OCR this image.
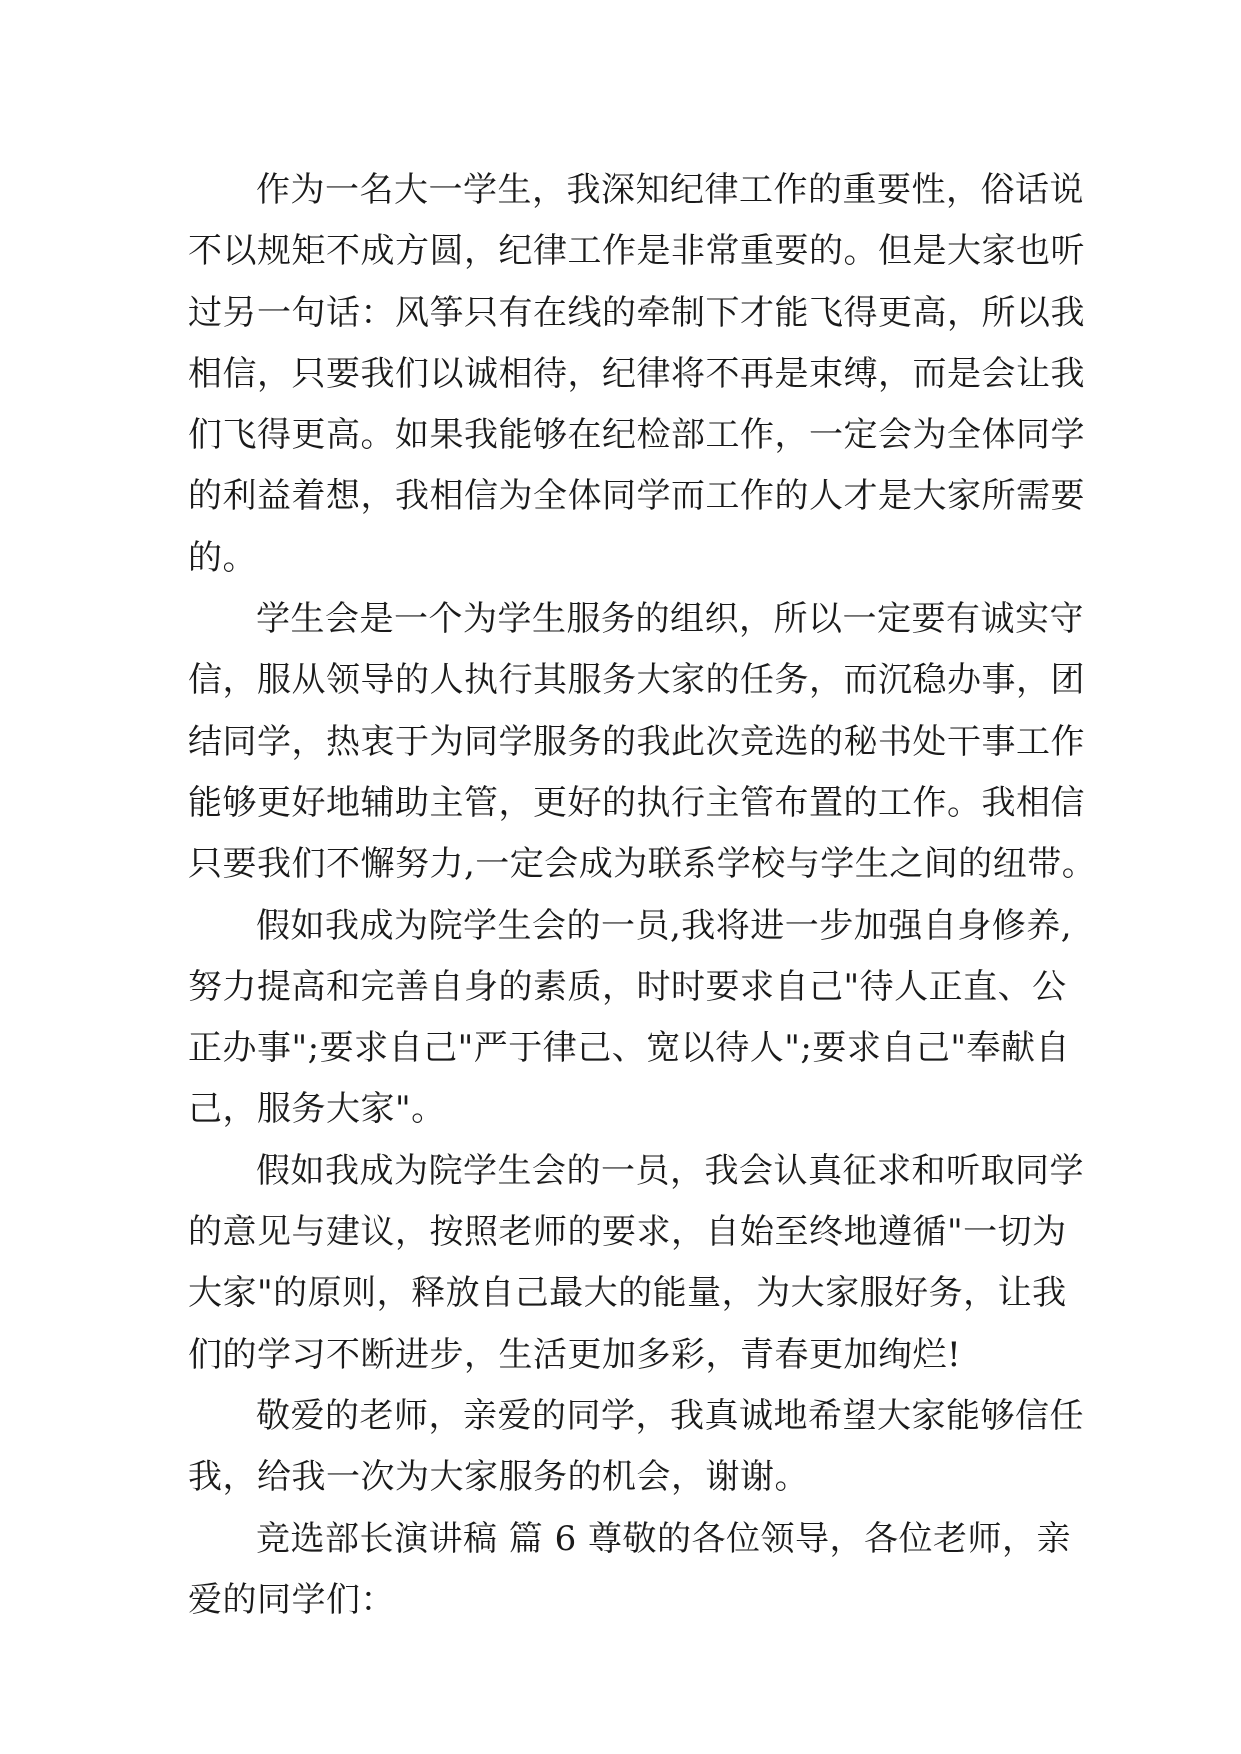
作为一名大一学生，我深知纪律工作的重要性，俗话说
不以规矩不成方圆，纪律工作是非常重要的。但是大家也听
过另一句话：风筝只有在线的牵制下才能飞得更高，所以我
相信，只要我们以诚相待，纪律将不再是束缚，而是会让我
们飞得更高。如果我能够在纪检部工作，一定会为全体同学
的利益着想，我相信为全体同学而工作的人才是大家所需要
的。
学生会是一个为学生服务的组织，所以一定要有诚实守
信，服从领导的人执行其服务大家的任务，而沉稳办事，团
结同学，热衷于为同学服务的我此次竞选的秘书处干事工作
能够更好地辅助主管，更好的执行主管布置的工作。我相信
只要我们不懈努力,一定会成为联系学校与学生之间的纽带。
假如我成为院学生会的一员,我将进一步加强自身修养,
努力提高和完善自身的素质，时时要求自己"待人正直、公
正办事";要求自己"严于律己、宽以待人";要求自己"奉献自
己，服务大家"。
假如我成为院学生会的一员，我会认真征求和听取同学
的意见与建议，按照老师的要求，自始至终地遵循"一切为
大家"的原则，释放自己最大的能量，为大家服好务，让我
们的学习不断进步，生活更加多彩，青春更加绚烂!
敬爱的老师，亲爱的同学，我真诚地希望大家能够信任
我，给我一次为大家服务的机会，谢谢。
竞选部长演讲稿 篇 6 尊敬的各位领导，各位老师，亲
爱的同学们：
